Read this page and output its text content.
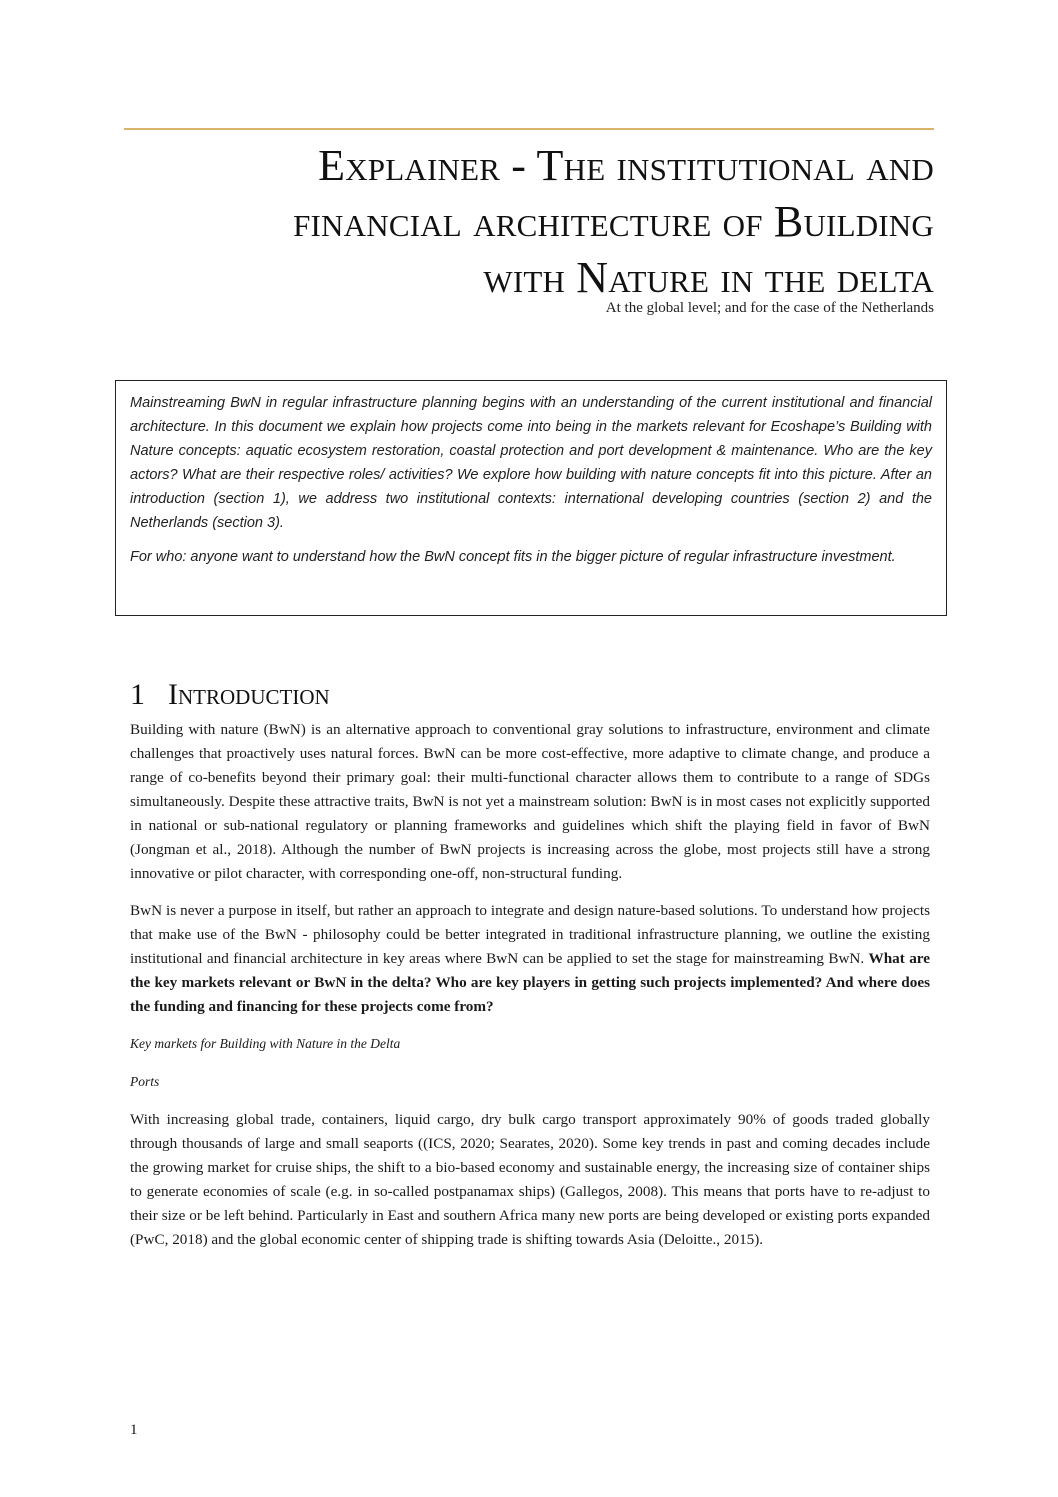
Explainer - The institutional and
financial architecture of Building
with Nature in the delta
At the global level; and for the case of the Netherlands

Mainstreaming BwN in regular infrastructure planning begins with an understanding of the current institutional and financial architecture. In this document we explain how projects come into being in the markets relevant for Ecoshape’s Building with Nature concepts: aquatic ecosystem restoration, coastal protection and port development & maintenance. Who are the key actors? What are their respective roles/ activities? We explore how building with nature concepts fit into this picture. After an introduction (section 1), we address two institutional contexts: international developing countries (section 2) and the Netherlands (section 3).

For who: anyone want to understand how the BwN concept fits in the bigger picture of regular infrastructure investment.

1 Introduction

Building with nature (BwN) is an alternative approach to conventional gray solutions to infrastructure, environment and climate challenges that proactively uses natural forces. BwN can be more cost-effective, more adaptive to climate change, and produce a range of co-benefits beyond their primary goal: their multi-functional character allows them to contribute to a range of SDGs simultaneously. Despite these attractive traits, BwN is not yet a mainstream solution: BwN is in most cases not explicitly supported in national or sub-national regulatory or planning frameworks and guidelines which shift the playing field in favor of BwN (Jongman et al., 2018). Although the number of BwN projects is increasing across the globe, most projects still have a strong innovative or pilot character, with corresponding one-off, non-structural funding.

BwN is never a purpose in itself, but rather an approach to integrate and design nature-based solutions. To understand how projects that make use of the BwN - philosophy could be better integrated in traditional infrastructure planning, we outline the existing institutional and financial architecture in key areas where BwN can be applied to set the stage for mainstreaming BwN. What are the key markets relevant or BwN in the delta? Who are key players in getting such projects implemented? And where does the funding and financing for these projects come from?

Key markets for Building with Nature in the Delta

Ports

With increasing global trade, containers, liquid cargo, dry bulk cargo transport approximately 90% of goods traded globally through thousands of large and small seaports ((ICS, 2020; Searates, 2020). Some key trends in past and coming decades include the growing market for cruise ships, the shift to a bio-based economy and sustainable energy, the increasing size of container ships to generate economies of scale (e.g. in so-called postpanamax ships) (Gallegos, 2008). This means that ports have to re-adjust to their size or be left behind. Particularly in East and southern Africa many new ports are being developed or existing ports expanded (PwC, 2018) and the global economic center of shipping trade is shifting towards Asia (Deloitte., 2015).

1
